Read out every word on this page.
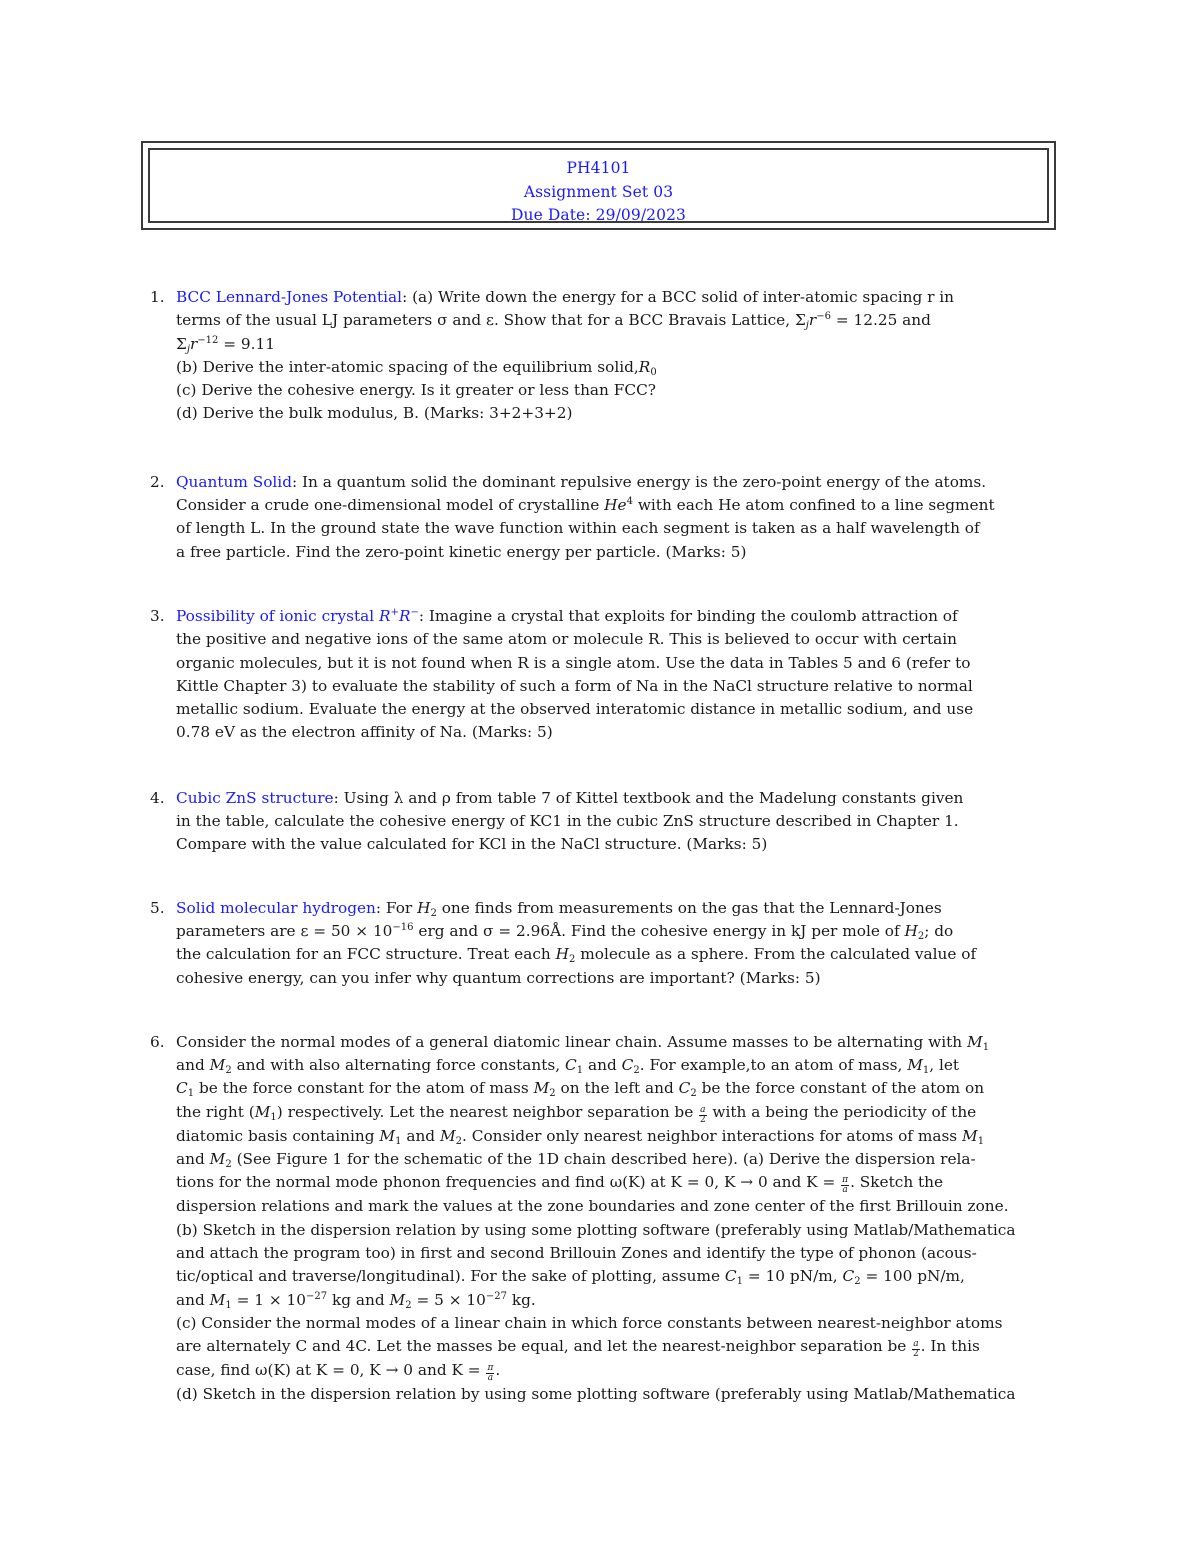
PH4101
Assignment Set 03
Due Date: 29/09/2023
1. BCC Lennard-Jones Potential: (a) Write down the energy for a BCC solid of inter-atomic spacing r in
terms of the usual LJ parameters σ and ε. Show that for a BCC Bravais Lattice, $\Sigma_jr^{-6} = 12.25$ and
$\Sigma_jr^{-12} = 9.11$
(b) Derive the inter-atomic spacing of the equilibrium $solid,R_0$
(c) Derive the cohesive energy. Is it greater or less than FCC?
(d) Derive the bulk modulus, B. (Marks: 3+2+3+2)
2. Quantum Solid: In a quantum solid the dominant repulsive energy is the zero-point energy of the atoms.
Consider a crude one-dimensional model of crystalline He$^4$ with each He atom confined to a line segment
of length L. In the ground state the wave function within each segment is taken as a half wavelength of
a free particle. Find the zero-point kinetic energy per particle. (Marks: 5)
3. Possibility of ionic crystal R+R−: Imagine a crystal that exploits for binding the coulomb attraction of
the positive and negative ions of the same atom or molecule R. This is believed to occur with certain
organic molecules, but it is not found when R is a single atom. Use the data in Tables 5 and 6 (refer to
Kittle Chapter 3) to evaluate the stability of such a form of Na in the NaCl structure relative to normal
metallic sodium. Evaluate the energy at the observed interatomic distance in metallic sodium, and use
0.78 eV as the electron affinity of Na. (Marks: 5)
4. Cubic ZnS structure: Using λ and ρ from table 7 of Kittel textbook and the Madelung constants given
in the table, calculate the cohesive energy of KC1 in the cubic ZnS structure described in Chapter 1.
Compare with the value calculated for KCl in the NaCl structure. (Marks: 5)
5. Solid molecular hydrogen: For $H_2$ one finds from measurements on the gas that the Lennard-Jones
parameters are $\varepsilon = 50 \times 10^{-16}$ erg and σ = 2.96Å. Find the cohesive energy in kJ per mole of $H_2$; do
the calculation for an FCC structure. Treat each $H_2$ molecule as a sphere. From the calculated value of
cohesive energy, can you infer why quantum corrections are important? (Marks: 5)
6. Consider the normal modes of a general diatomic linear chain. Assume masses to be alternating with $M_1$
and $M_2$ and with also alternating force constants, $C_1$ and $C_2$. For example,to an atom of mass, $M_1$, let
$C_1$ be the force constant for the atom of mass $M_2$ on the left and $C_2$ be the force constant of the atom on
the right $(M_1)$ respectively. Let the nearest neighbor separation be $\frac{a}{2}$ with a being the periodicity of the
diatomic basis containing $M_1$ and $M_2$. Consider only nearest neighbor interactions for atoms of mass $M_1$
and $M_2$ (See Figure 1 for the schematic of the 1D chain described here). (a) Derive the dispersion rela-
tions for the normal mode phonon frequencies and find ω(K) at K = 0, K → 0 and $K = \frac{\pi}{a}$. Sketch the
dispersion relations and mark the values at the zone boundaries and zone center of the first Brillouin zone.
(b) Sketch in the dispersion relation by using some plotting software (preferably using Matlab/Mathematica
and attach the program too) in first and second Brillouin Zones and identify the type of phonon (acous-
tic/optical and traverse/longitudinal). For the sake of plotting, assume $C_1 = 10$ pN/m, $C_2 = 100$ pN/m,
and $M_1 = 1 \times 10^{-27}$ kg and $M_2 = 5 \times 10^{-27}$ kg.
(c) Consider the normal modes of a linear chain in which force constants between nearest-neighbor atoms
are alternately C and 4C. Let the masses be equal, and let the nearest-neighbor separation be $\frac{a}{2}$ . In this
case, find ω(K) at K = 0, K → 0 and $K = \frac{\pi}{a}$.
(d) Sketch in the dispersion relation by using some plotting software (preferably using Matlab/Mathematica
